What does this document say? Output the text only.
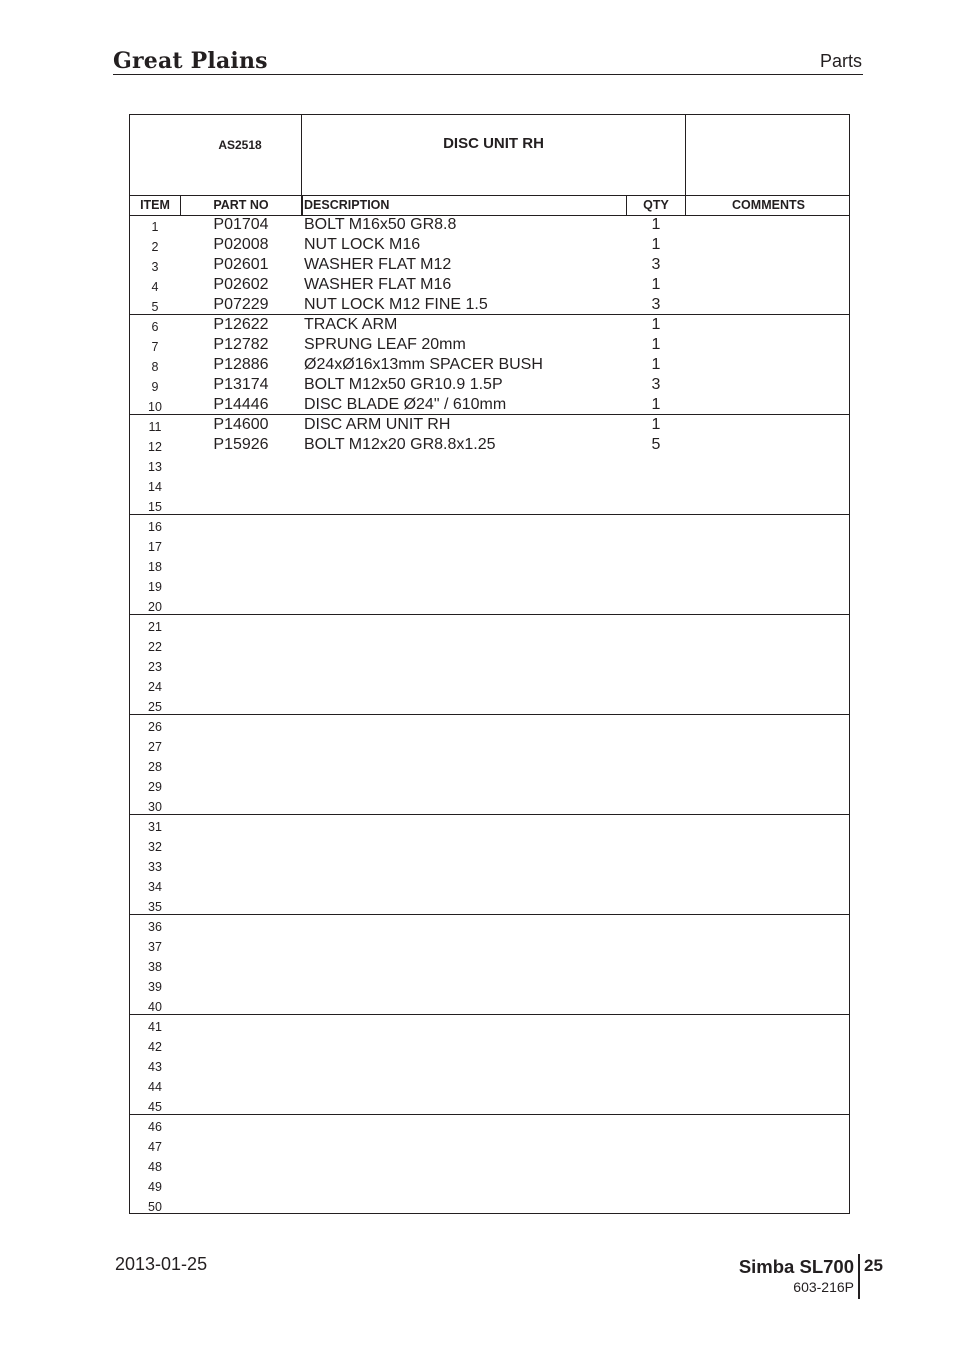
Great Plains	Parts
AS2518	DISC UNIT RH
ITEM	PART NO	DESCRIPTION	QTY	COMMENTS
1	P01704	BOLT M16x50 GR8.8	1
2	P02008	NUT LOCK M16	1
3	P02601	WASHER FLAT M12	3
4	P02602	WASHER FLAT M16	1
5	P07229	NUT LOCK M12 FINE 1.5	3
6	P12622	TRACK ARM	1
7	P12782	SPRUNG LEAF 20mm	1
8	P12886	Ø24xØ16x13mm SPACER BUSH	1
9	P13174	BOLT M12x50 GR10.9 1.5P	3
10	P14446	DISC BLADE Ø24" / 610mm	1
11	P14600	DISC ARM UNIT RH	1
12	P15926	BOLT M12x20 GR8.8x1.25	5
13
14
15
16
17
18
19
20
21
22
23
24
25
26
27
28
29
30
31
32
33
34
35
36
37
38
39
40
41
42
43
44
45
46
47
48
49
50
2013-01-25	Simba SL700
603-216P
25
